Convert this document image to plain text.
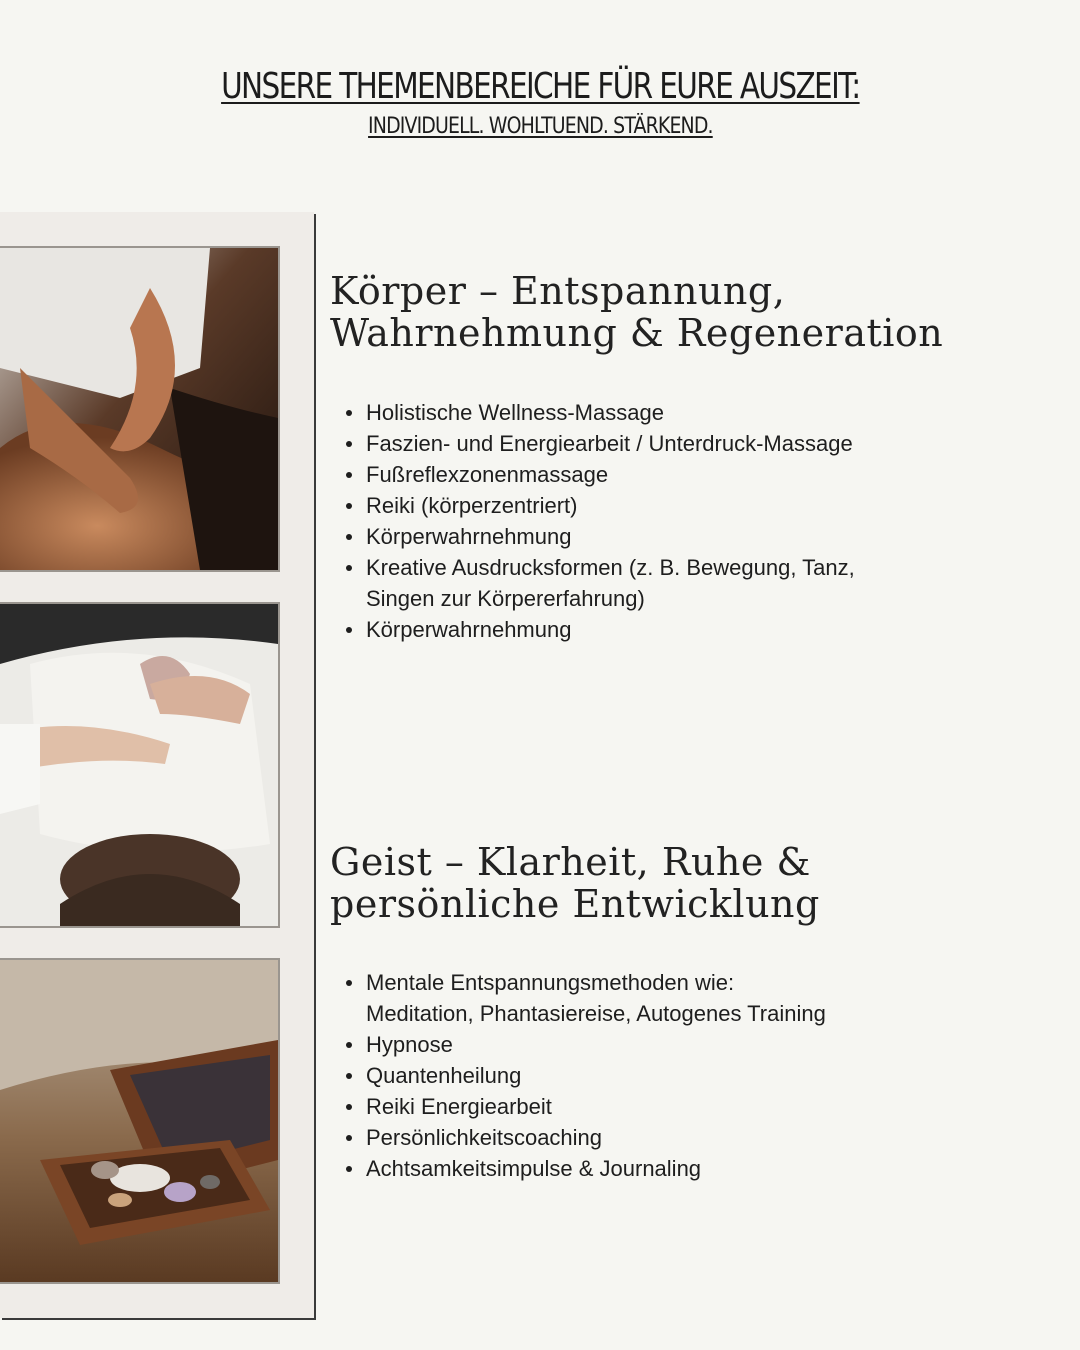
UNSERE THEMENBEREICHE FÜR EURE AUSZEIT:
INDIVIDUELL. WOHLTUEND. STÄRKEND.
Körper – Entspannung,
Wahrnehmung & Regeneration
Holistische Wellness-Massage
Faszien- und Energiearbeit / Unterdruck-Massage
Fußreflexzonenmassage
Reiki (körperzentriert)
Körperwahrnehmung
Kreative Ausdrucksformen (z. B. Bewegung, Tanz,
Singen zur Körpererfahrung)
Körperwahrnehmung
Geist – Klarheit, Ruhe &
persönliche Entwicklung
Mentale Entspannungsmethoden wie:
Meditation, Phantasiereise, Autogenes Training
Hypnose
Quantenheilung
Reiki Energiearbeit
Persönlichkeitscoaching
Achtsamkeitsimpulse & Journaling
